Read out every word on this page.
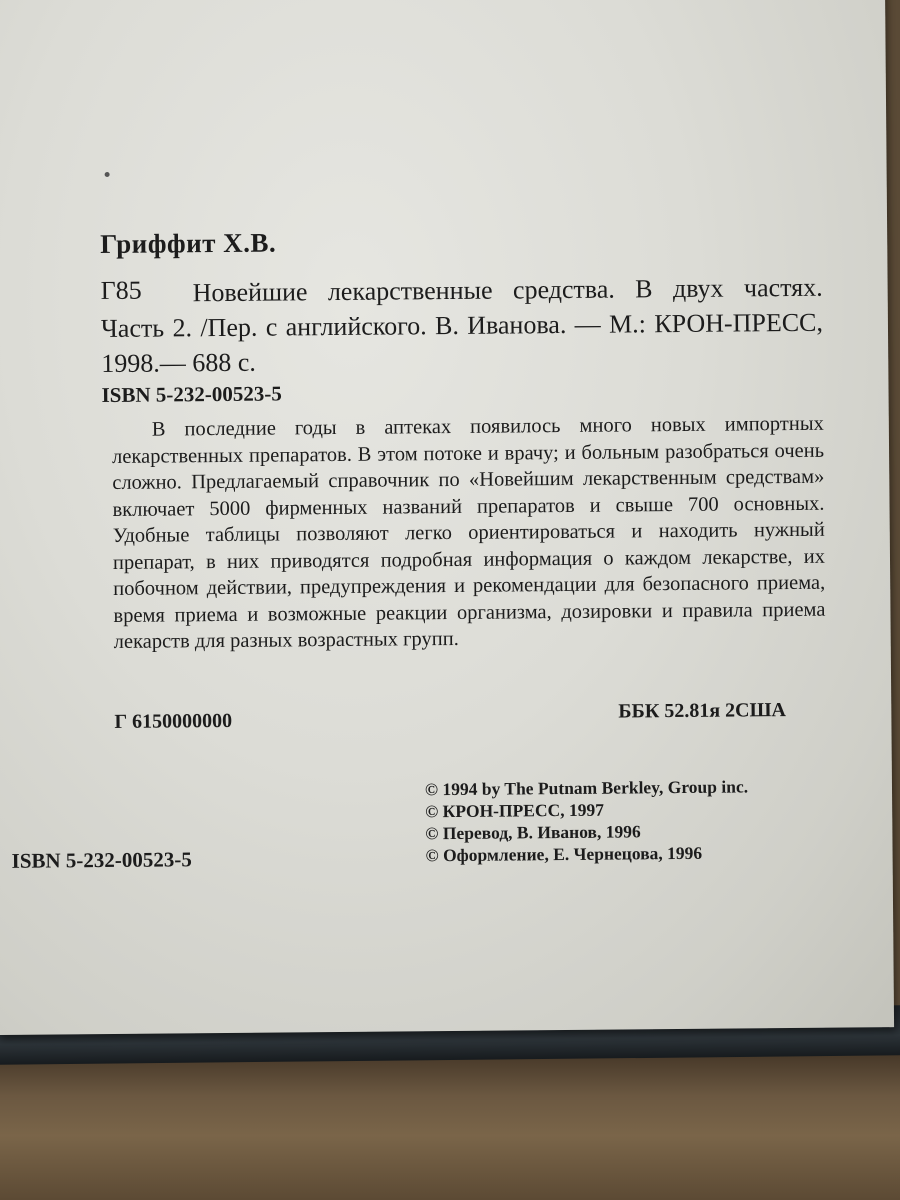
Гриффит Х.В.
Новейшие лекарственные средства. В двух частях. Часть 2. /Пер. с английского. В. Иванова. — М.: КРОН-ПРЕСС, 1998.— 688 с.
Г85
ISBN 5-232-00523-5

В последние годы в аптеках появилось много новых импортных лекарственных препаратов. В этом потоке и врачу; и больным разобраться очень сложно. Предлагаемый справочник по «Новейшим лекарственным средствам» включает 5000 фирменных названий препаратов и свыше 700 основных. Удобные таблицы позволяют легко ориентироваться и находить нужный препарат, в них приводятся подробная информация о каждом лекарстве, их побочном действии, предупреждения и рекомендации для безопасного приема, время приема и возможные реакции организма, дозировки и правила приема лекарств для разных возрастных групп.

Г 6150000000	ББК 52.81я 2США
© 1994 by The Putnam Berkley, Group inc.
© КРОН-ПРЕСС, 1997
© Перевод, В. Иванов, 1996
© Оформление, Е. Чернецова, 1996
ISBN 5-232-00523-5
